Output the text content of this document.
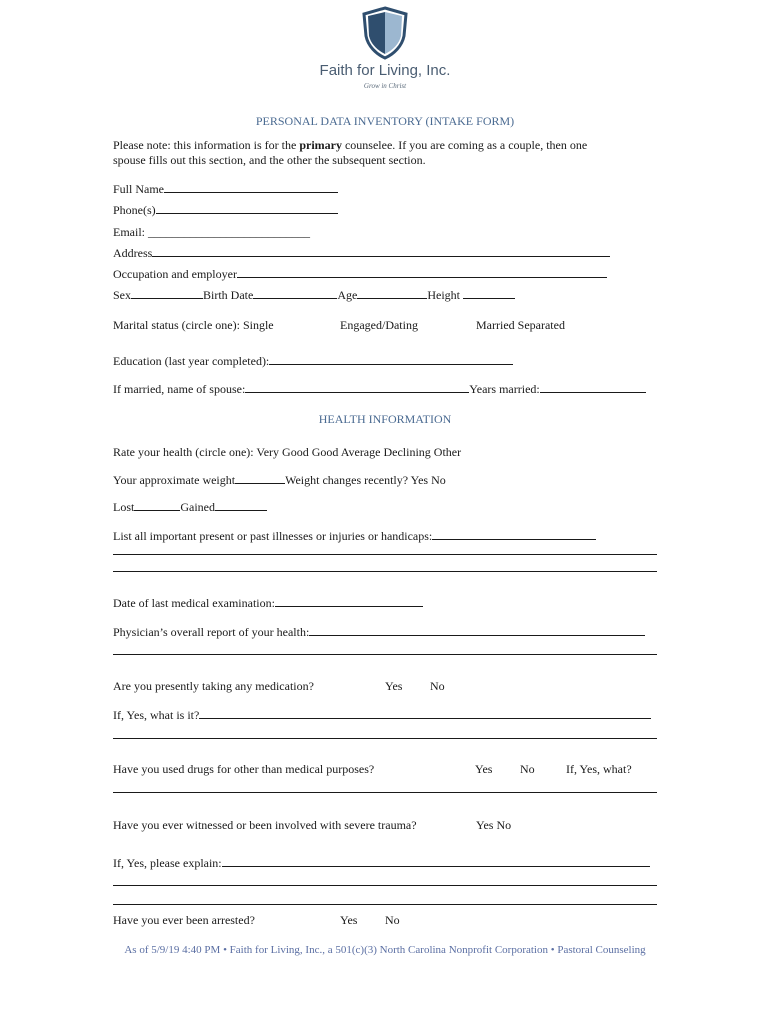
Faith for Living, Inc.
Grow in Christ
PERSONAL DATA INVENTORY (INTAKE FORM)
Please note: this information is for the primary counselee. If you are coming as a couple, then one
spouse fills out this section, and the other the subsequent section.
Full Name
Phone(s)
Email: ___________________________
Address
Occupation and employer
Sex	Birth Date	Age	Height
Marital status (circle one): Single	Engaged/Dating	Married Separated
Education (last year completed):
If married, name of spouse:	Years married:
HEALTH INFORMATION
Rate your health (circle one): Very Good Good Average Declining Other
Your approximate weight	Weight changes recently? Yes No
Lost	Gained
List all important present or past illnesses or injuries or handicaps:
Date of last medical examination:
Physician’s overall report of your health:
Are you presently taking any medication?	Yes No
If, Yes, what is it?
Have you used drugs for other than medical purposes?	Yes No	If, Yes, what?
Have you ever witnessed or been involved with severe trauma?	Yes No
If, Yes, please explain:
Have you ever been arrested?	Yes No
As of 5/9/19 4:40 PM • Faith for Living, Inc., a 501(c)(3) North Carolina Nonprofit Corporation • Pastoral Counseling
